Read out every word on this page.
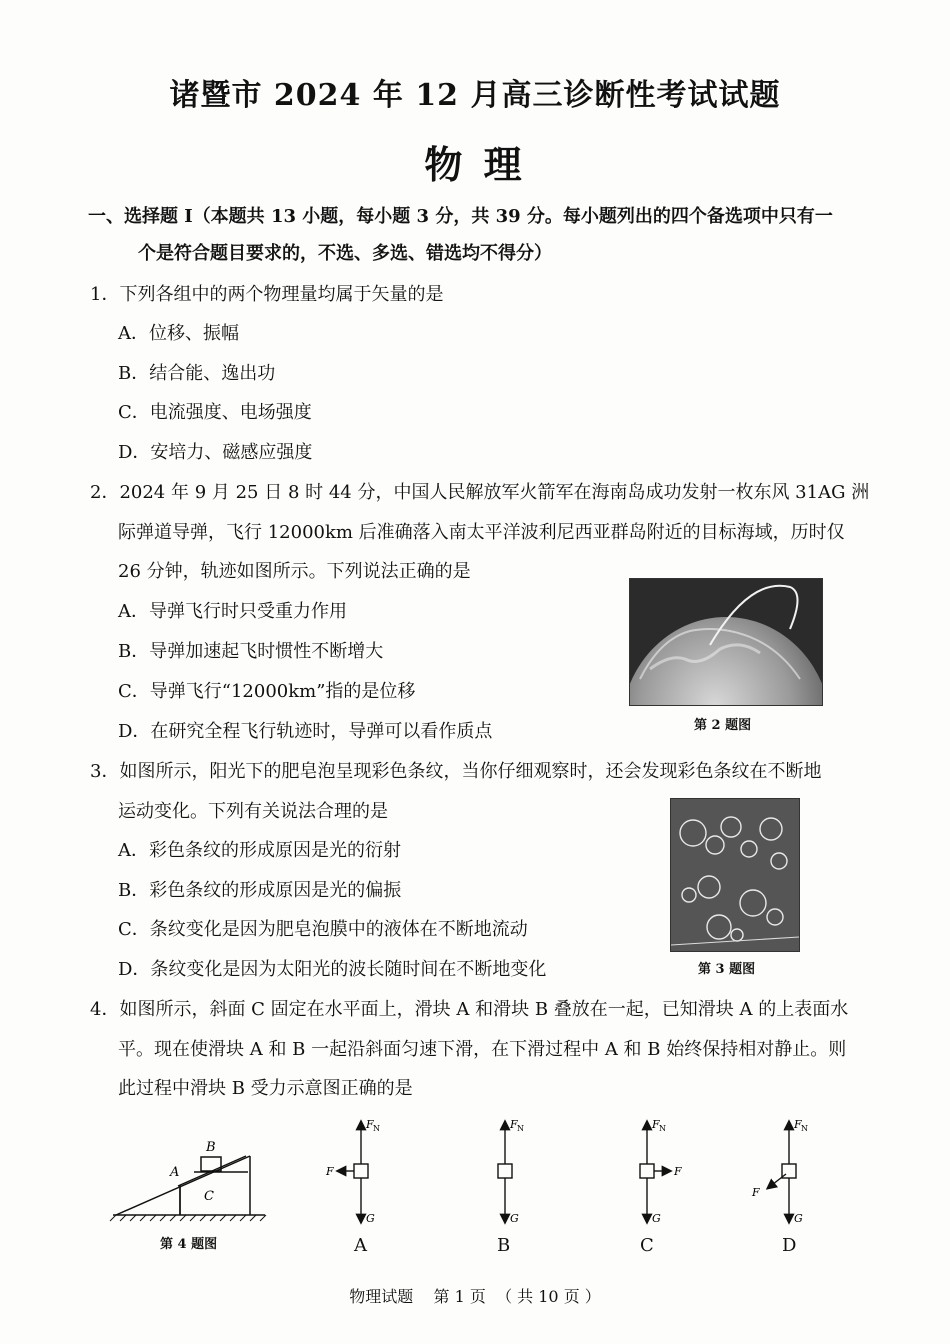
诸暨市 2024 年 12 月高三诊断性考试试题
物 理
一、选择题 I（本题共 13 小题，每小题 3 分，共 39 分。每小题列出的四个备选项中只有一
个是符合题目要求的，不选、多选、错选均不得分）
1．下列各组中的两个物理量均属于矢量的是
A．位移、振幅
B．结合能、逸出功
C．电流强度、电场强度
D．安培力、磁感应强度
2．2024 年 9 月 25 日 8 时 44 分，中国人民解放军火箭军在海南岛成功发射一枚东风 31AG 洲
际弹道导弹，飞行 12000km 后准确落入南太平洋波利尼西亚群岛附近的目标海域，历时仅
26 分钟，轨迹如图所示。下列说法正确的是
A．导弹飞行时只受重力作用
B．导弹加速起飞时惯性不断增大
C．导弹飞行“12000km”指的是位移
D．在研究全程飞行轨迹时，导弹可以看作质点	第 2 题图
3．如图所示，阳光下的肥皂泡呈现彩色条纹，当你仔细观察时，还会发现彩色条纹在不断地
运动变化。下列有关说法合理的是
A．彩色条纹的形成原因是光的衍射
B．彩色条纹的形成原因是光的偏振
C．条纹变化是因为肥皂泡膜中的液体在不断地流动
D．条纹变化是因为太阳光的波长随时间在不断地变化	第 3 题图
4．如图所示，斜面 C 固定在水平面上，滑块 A 和滑块 B 叠放在一起，已知滑块 A 的上表面水
平。现在使滑块 A 和 B 一起沿斜面匀速下滑，在下滑过程中 A 和 B 始终保持相对静止。则
此过程中滑块 B 受力示意图正确的是
B
A
C
第 4 题图
F N
G
F
A
F N
G
B
F N
G
F
C
F N
G
F
D
物理试题    第 1 页  （ 共 10 页 ）
